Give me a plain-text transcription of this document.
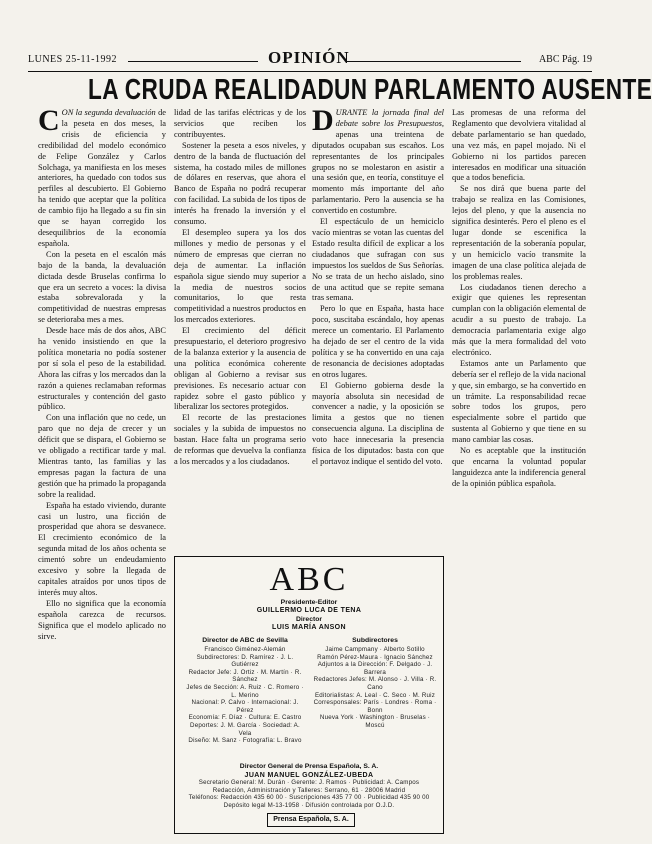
LUNES 25-11-1992	OPINIÓN	ABC Pág. 19
LA CRUDA REALIDAD UN PARLAMENTO AUSENTE

C ON la segunda devaluación de la peseta en dos meses, la crisis de eficiencia y credibilidad del modelo económico de Felipe González y Carlos Solchaga, ya manifiesta en los meses anteriores, ha quedado con todos sus perfiles al descubierto. El Gobierno ha tenido que aceptar que la política de cambio fijo ha llegado a su fin sin que se hayan corregido los desequilibrios de la economía española.

Con la peseta en el escalón más bajo de la banda, la devaluación dictada desde Bruselas confirma lo que era un secreto a voces: la divisa estaba sobrevalorada y la competitividad de nuestras empresas se deterioraba mes a mes.

Desde hace más de dos años, ABC ha venido insistiendo en que la política monetaria no podía sostener por sí sola el peso de la estabilidad. Ahora las cifras y los mercados dan la razón a quienes reclamaban reformas estructurales y contención del gasto público.

Con una inflación que no cede, un paro que no deja de crecer y un déficit que se dispara, el Gobierno se ve obligado a rectificar tarde y mal. Mientras tanto, las familias y las empresas pagan la factura de una gestión que ha primado la propaganda sobre la realidad.

España ha estado viviendo, durante casi un lustro, una ficción de prosperidad que ahora se desvanece. El crecimiento económico de la segunda mitad de los años ochenta se cimentó sobre un endeudamiento excesivo y sobre la llegada de capitales atraídos por unos tipos de interés muy altos.

Ello no significa que la economía española carezca de recursos. Significa que el modelo aplicado no sirve.

lidad de las tarifas eléctricas y de los servicios que reciben los contribuyentes.

Sostener la peseta a esos niveles, y dentro de la banda de fluctuación del sistema, ha costado miles de millones de dólares en reservas, que ahora el Banco de España no podrá recuperar con facilidad. La subida de los tipos de interés ha frenado la inversión y el consumo.

El desempleo supera ya los dos millones y medio de personas y el número de empresas que cierran no deja de aumentar. La inflación española sigue siendo muy superior a la media de nuestros socios comunitarios, lo que resta competitividad a nuestros productos en los mercados exteriores.

El crecimiento del déficit presupuestario, el deterioro progresivo de la balanza exterior y la ausencia de una política económica coherente obligan al Gobierno a revisar sus previsiones. Es necesario actuar con rapidez sobre el gasto público y liberalizar los sectores protegidos.

El recorte de las prestaciones sociales y la subida de impuestos no bastan. Hace falta un programa serio de reformas que devuelva la confianza a los mercados y a los ciudadanos.

D URANTE la jornada final del debate sobre los Presupuestos, apenas una treintena de diputados ocupaban sus escaños. Los representantes de los principales grupos no se molestaron en asistir a una sesión que, en teoría, constituye el momento más importante del año parlamentario. Pero la ausencia se ha convertido en costumbre.

El espectáculo de un hemiciclo vacío mientras se votan las cuentas del Estado resulta difícil de explicar a los ciudadanos que sufragan con sus impuestos los sueldos de Sus Señorías. No se trata de un hecho aislado, sino de una actitud que se repite semana tras semana.

Pero lo que en España, hasta hace poco, suscitaba escándalo, hoy apenas merece un comentario. El Parlamento ha dejado de ser el centro de la vida política y se ha convertido en una caja de resonancia de decisiones adoptadas en otros lugares.

El Gobierno gobierna desde la mayoría absoluta sin necesidad de convencer a nadie, y la oposición se limita a gestos que no tienen consecuencia alguna. La disciplina de voto hace innecesaria la presencia física de los diputados: basta con que el portavoz indique el sentido del voto.

Las promesas de una reforma del Reglamento que devolviera vitalidad al debate parlamentario se han quedado, una vez más, en papel mojado. Ni el Gobierno ni los partidos parecen interesados en modificar una situación que a todos beneficia.

Se nos dirá que buena parte del trabajo se realiza en las Comisiones, lejos del pleno, y que la ausencia no significa desinterés. Pero el pleno es el lugar donde se escenifica la representación de la soberanía popular, y un hemiciclo vacío transmite la imagen de una clase política alejada de los problemas reales.

Los ciudadanos tienen derecho a exigir que quienes les representan cumplan con la obligación elemental de acudir a su puesto de trabajo. La democracia parlamentaria exige algo más que la mera formalidad del voto electrónico.

Estamos ante un Parlamento que debería ser el reflejo de la vida nacional y que, sin embargo, se ha convertido en un trámite. La responsabilidad recae sobre todos los grupos, pero especialmente sobre el partido que sustenta al Gobierno y que tiene en su mano cambiar las cosas.

No es aceptable que la institución que encarna la voluntad popular languidezca ante la indiferencia general de la opinión pública española.

ABC
Presidente-Editor
GUILLERMO LUCA DE TENA
Director
LUIS MARÍA ANSON
Director de ABC de Sevilla
Francisco Giménez-Alemán
Subdirectores: D. Ramírez · J. L. Gutiérrez
Redactor Jefe: J. Ortiz · M. Martín · R. Sánchez
Jefes de Sección: A. Ruiz · C. Romero · L. Merino
Nacional: P. Calvo · Internacional: J. Pérez
Economía: F. Díaz · Cultura: E. Castro
Deportes: J. M. García · Sociedad: A. Vela
Diseño: M. Sanz · Fotografía: L. Bravo
Subdirectores
Jaime Campmany · Alberto Sotillo
Ramón Pérez-Maura · Ignacio Sánchez
Adjuntos a la Dirección: F. Delgado · J. Barrera
Redactores Jefes: M. Alonso · J. Villa · R. Cano
Editorialistas: A. Leal · C. Seco · M. Ruiz
Corresponsales: París · Londres · Roma · Bonn
Nueva York · Washington · Bruselas · Moscú
Director General de Prensa Española, S. A.
JUAN MANUEL GONZÁLEZ-UBEDA
Secretario General: M. Durán · Gerente: J. Ramos · Publicidad: A. Campos
Redacción, Administración y Talleres: Serrano, 61 · 28006 Madrid
Teléfonos: Redacción 435 60 00 · Suscripciones 435 77 00 · Publicidad 435 90 00
Depósito legal M-13-1958 · Difusión controlada por O.J.D.
Prensa Española, S. A.
